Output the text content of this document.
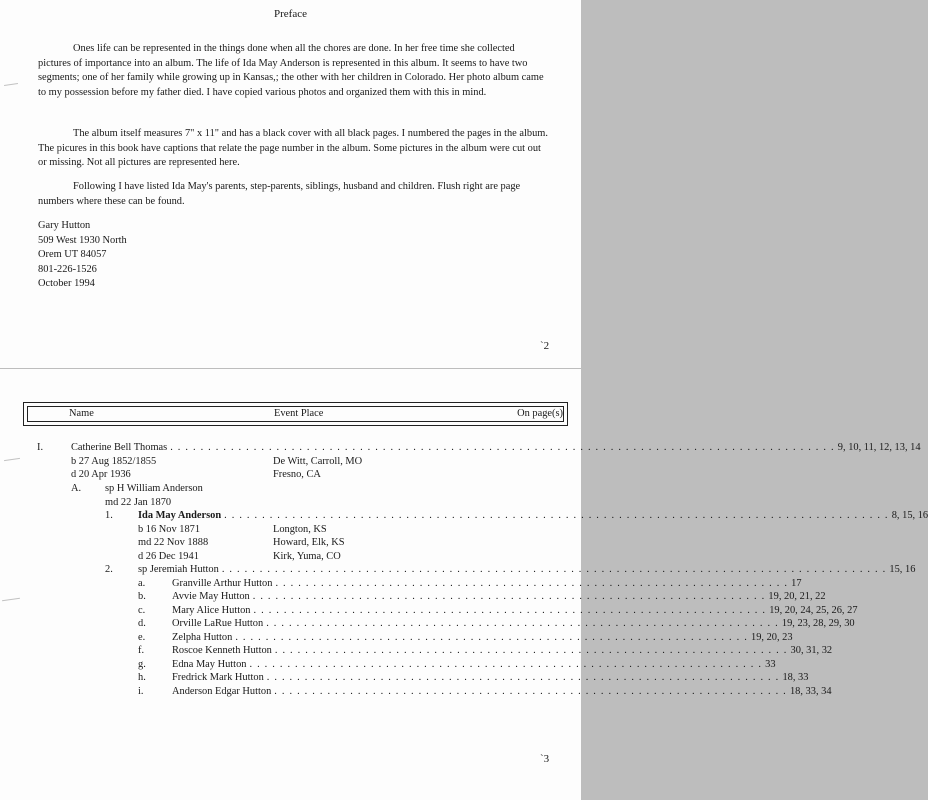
Preface

Ones life can be represented in the things done when all the chores are done. In her free time she collected pictures of importance into an album. The life of Ida May Anderson is represented in this album. It seems to have two segments; one of her family while growing up in Kansas,; the other with her children in Colorado. Her photo album came to my possession before my father died. I have copied various photos and organized them with this in mind.

The album itself measures 7" x 11" and has a black cover with all black pages. I numbered the pages in the album. The picures in this book have captions that relate the page number in the album. Some pictures in the album were cut out or missing. Not all pictures are represented here.

Following I have listed Ida May's parents, step-parents, siblings, husband and children. Flush right are page numbers where these can be found.

Gary Hutton
509 West 1930 North
Orem UT 84057
801-226-1526
October 1994
`2
Name	Event Place	On page(s)
I.	Catherine Bell Thomas . . . . . . . . . . . . . . . . . . . . . . . . . . . . . . . . . . . . . . . . . . . . . . . . . . . . . . . . . . . . . . . . . . . . . . . . . . . . . . . . . . . . . . . . 9, 10, 11, 12, 13, 14
b 27 Aug 1852/1855	De Witt, Carroll, MO
d 20 Apr 1936	Fresno, CA
A. sp H William Anderson
md 22 Jan 1870
1. Ida May Anderson . . . . . . . . . . . . . . . . . . . . . . . . . . . . . . . . . . . . . . . . . . . . . . . . . . . . . . . . . . . . . . . . . . . . . . . . . . . . . . . . . . . . . . . . 8, 15, 16
b 16 Nov 1871	Longton, KS
md 22 Nov 1888	Howard, Elk, KS
d 26 Dec 1941	Kirk, Yuma, CO
2. sp Jeremiah Hutton . . . . . . . . . . . . . . . . . . . . . . . . . . . . . . . . . . . . . . . . . . . . . . . . . . . . . . . . . . . . . . . . . . . . . . . . . . . . . . . . . . . . . . . . 15, 16
a.	Granville Arthur Hutton . . . . . . . . . . . . . . . . . . . . . . . . . . . . . . . . . . . . . . . . . . . . . . . . . . . . . . . . . . . . . . . . . . . . 17
b.	Avvie May Hutton . . . . . . . . . . . . . . . . . . . . . . . . . . . . . . . . . . . . . . . . . . . . . . . . . . . . . . . . . . . . . . . . . . . . 19, 20, 21, 22
c.	Mary Alice Hutton . . . . . . . . . . . . . . . . . . . . . . . . . . . . . . . . . . . . . . . . . . . . . . . . . . . . . . . . . . . . . . . . . . . . 19, 20, 24, 25, 26, 27
d.	Orville LaRue Hutton . . . . . . . . . . . . . . . . . . . . . . . . . . . . . . . . . . . . . . . . . . . . . . . . . . . . . . . . . . . . . . . . . . . . 19, 23, 28, 29, 30
e.	Zelpha Hutton . . . . . . . . . . . . . . . . . . . . . . . . . . . . . . . . . . . . . . . . . . . . . . . . . . . . . . . . . . . . . . . . . . . . 19, 20, 23
f.	Roscoe Kenneth Hutton . . . . . . . . . . . . . . . . . . . . . . . . . . . . . . . . . . . . . . . . . . . . . . . . . . . . . . . . . . . . . . . . . . . . 30, 31, 32
g.	Edna May Hutton . . . . . . . . . . . . . . . . . . . . . . . . . . . . . . . . . . . . . . . . . . . . . . . . . . . . . . . . . . . . . . . . . . . . 33
h.	Fredrick Mark Hutton . . . . . . . . . . . . . . . . . . . . . . . . . . . . . . . . . . . . . . . . . . . . . . . . . . . . . . . . . . . . . . . . . . . . 18, 33
i.	Anderson Edgar Hutton . . . . . . . . . . . . . . . . . . . . . . . . . . . . . . . . . . . . . . . . . . . . . . . . . . . . . . . . . . . . . . . . . . . . 18, 33, 34
`3
